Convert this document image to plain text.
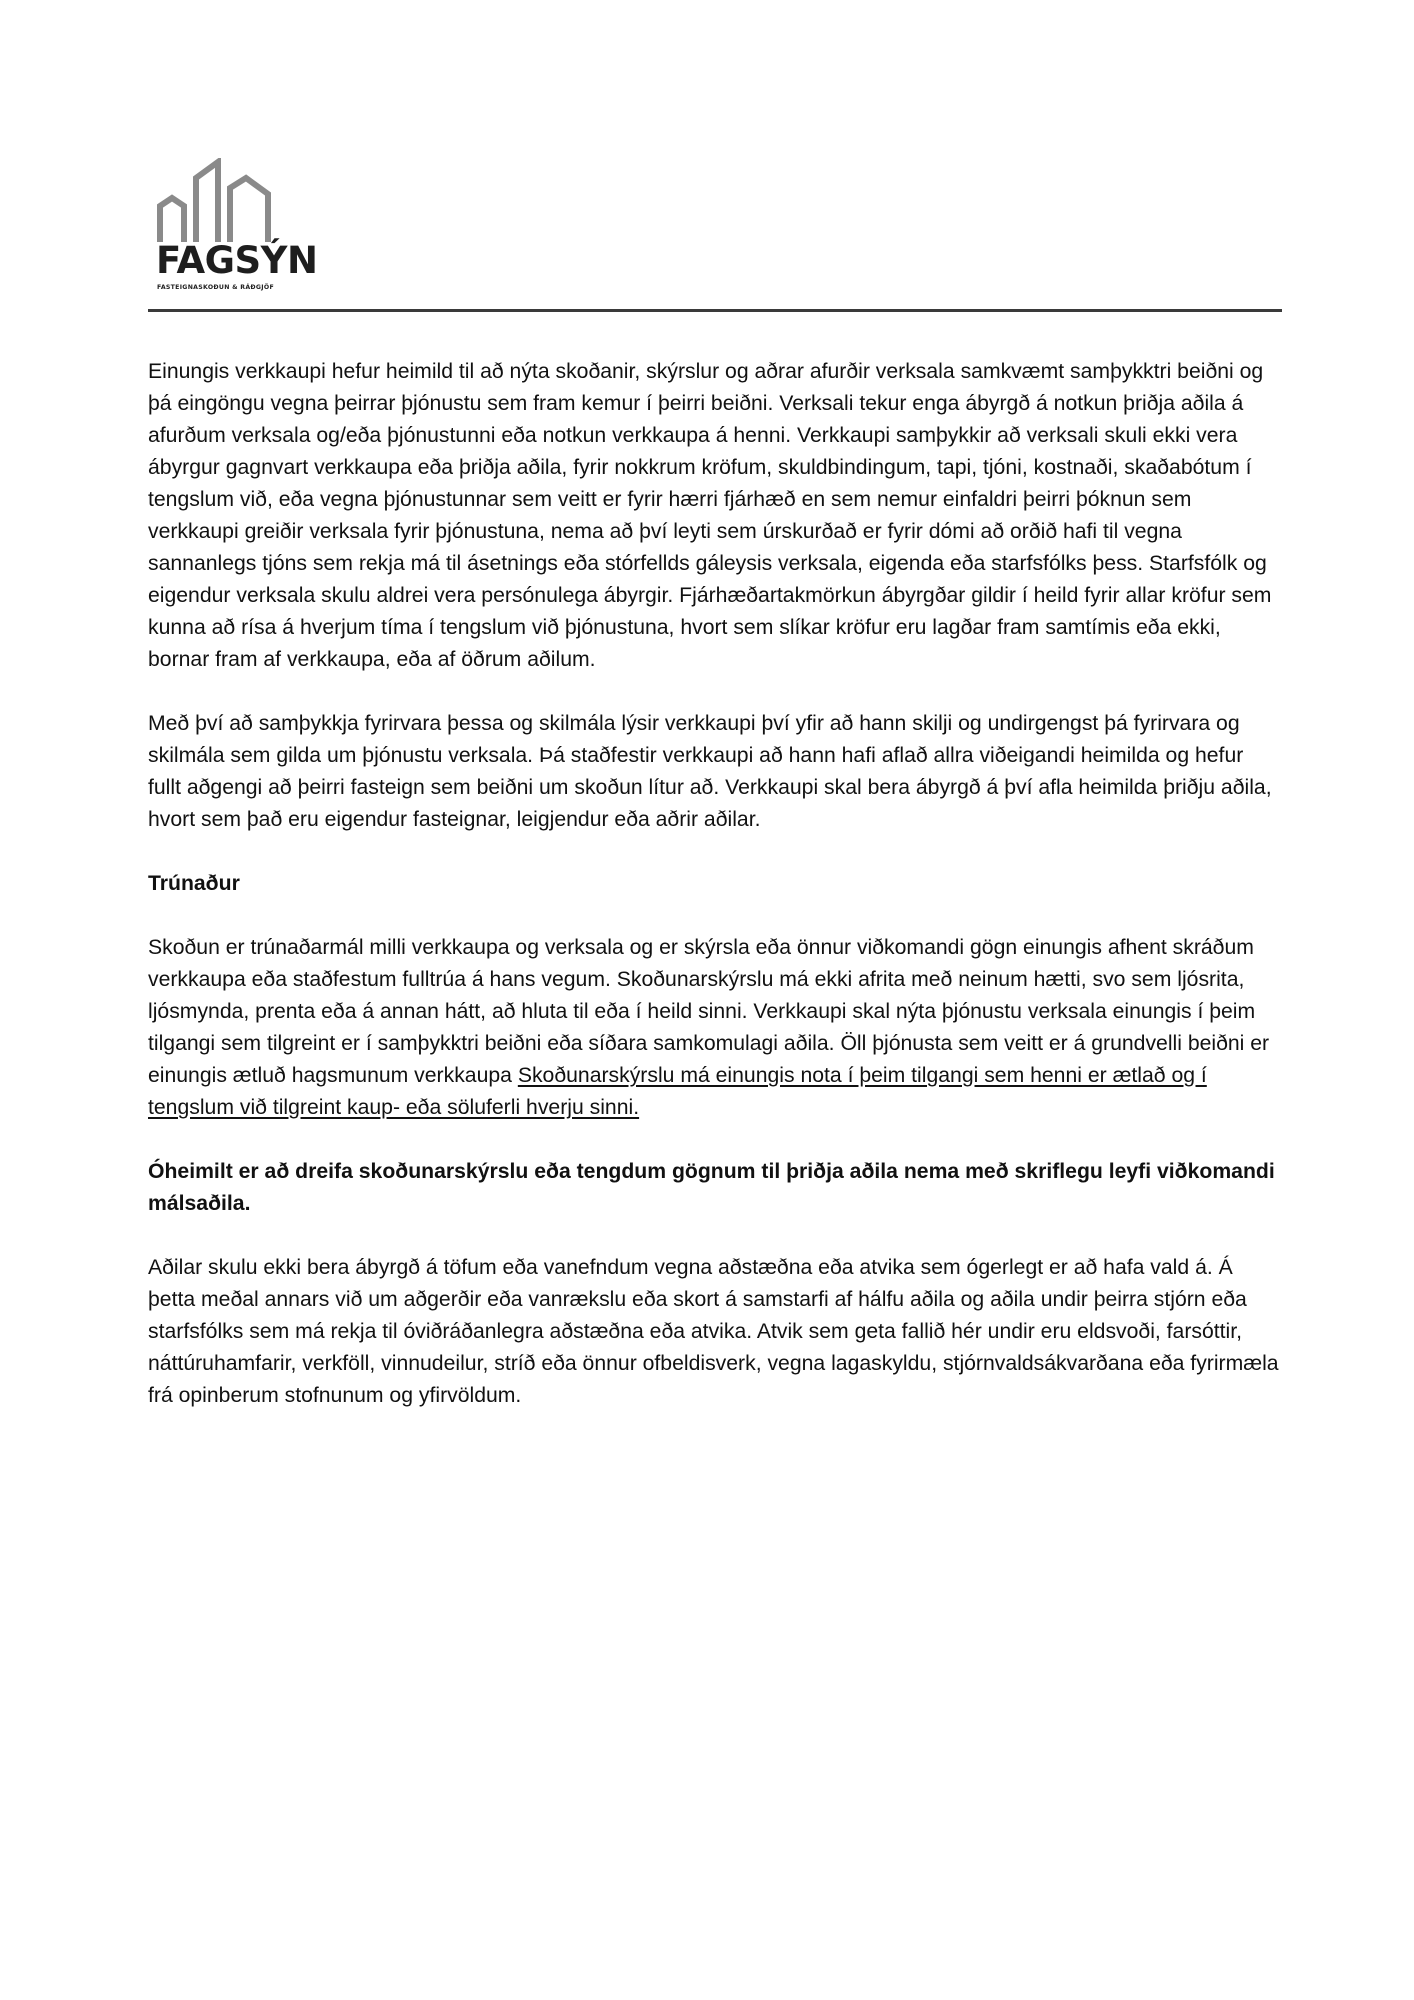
FAGSÝN
FASTEIGNASKOÐUN & RÁÐGJÖF

Einungis verkkaupi hefur heimild til að nýta skoðanir, skýrslur og aðrar afurðir verksala samkvæmt samþykktri beiðni og þá eingöngu vegna þeirrar þjónustu sem fram kemur í þeirri beiðni. Verksali tekur enga ábyrgð á notkun þriðja aðila á afurðum verksala og/eða þjónustunni eða notkun verkkaupa á henni. Verkkaupi samþykkir að verksali skuli ekki vera ábyrgur gagnvart verkkaupa eða þriðja aðila, fyrir nokkrum kröfum, skuldbindingum, tapi, tjóni, kostnaði, skaðabótum í tengslum við, eða vegna þjónustunnar sem veitt er fyrir hærri fjárhæð en sem nemur einfaldri þeirri þóknun sem verkkaupi greiðir verksala fyrir þjónustuna, nema að því leyti sem úrskurðað er fyrir dómi að orðið hafi til vegna sannanlegs tjóns sem rekja má til ásetnings eða stórfellds gáleysis verksala, eigenda eða starfsfólks þess. Starfsfólk og eigendur verksala skulu aldrei vera persónulega ábyrgir. Fjárhæðartakmörkun ábyrgðar gildir í heild fyrir allar kröfur sem kunna að rísa á hverjum tíma í tengslum við þjónustuna, hvort sem slíkar kröfur eru lagðar fram samtímis eða ekki, bornar fram af verkkaupa, eða af öðrum aðilum.

Með því að samþykkja fyrirvara þessa og skilmála lýsir verkkaupi því yfir að hann skilji og undirgengst þá fyrirvara og skilmála sem gilda um þjónustu verksala. Þá staðfestir verkkaupi að hann hafi aflað allra viðeigandi heimilda og hefur fullt aðgengi að þeirri fasteign sem beiðni um skoðun lítur að. Verkkaupi skal bera ábyrgð á því afla heimilda þriðju aðila, hvort sem það eru eigendur fasteignar, leigjendur eða aðrir aðilar.

Trúnaður

Skoðun er trúnaðarmál milli verkkaupa og verksala og er skýrsla eða önnur viðkomandi gögn einungis afhent skráðum verkkaupa eða staðfestum fulltrúa á hans vegum. Skoðunarskýrslu má ekki afrita með neinum hætti, svo sem ljósrita, ljósmynda, prenta eða á annan hátt, að hluta til eða í heild sinni. Verkkaupi skal nýta þjónustu verksala einungis í þeim tilgangi sem tilgreint er í samþykktri beiðni eða síðara samkomulagi aðila. Öll þjónusta sem veitt er á grundvelli beiðni er einungis ætluð hagsmunum verkkaupa Skoðunarskýrslu má einungis nota í þeim tilgangi sem henni er ætlað og í tengslum við tilgreint kaup- eða söluferli hverju sinni.

Óheimilt er að dreifa skoðunarskýrslu eða tengdum gögnum til þriðja aðila nema með skriflegu leyfi viðkomandi málsaðila.

Aðilar skulu ekki bera ábyrgð á töfum eða vanefndum vegna aðstæðna eða atvika sem ógerlegt er að hafa vald á. Á þetta meðal annars við um aðgerðir eða vanrækslu eða skort á samstarfi af hálfu aðila og aðila undir þeirra stjórn eða starfsfólks sem má rekja til óviðráðanlegra aðstæðna eða atvika. Atvik sem geta fallið hér undir eru eldsvoði, farsóttir, náttúruhamfarir, verkföll, vinnudeilur, stríð eða önnur ofbeldisverk, vegna lagaskyldu, stjórnvaldsákvarðana eða fyrirmæla frá opinberum stofnunum og yfirvöldum.
